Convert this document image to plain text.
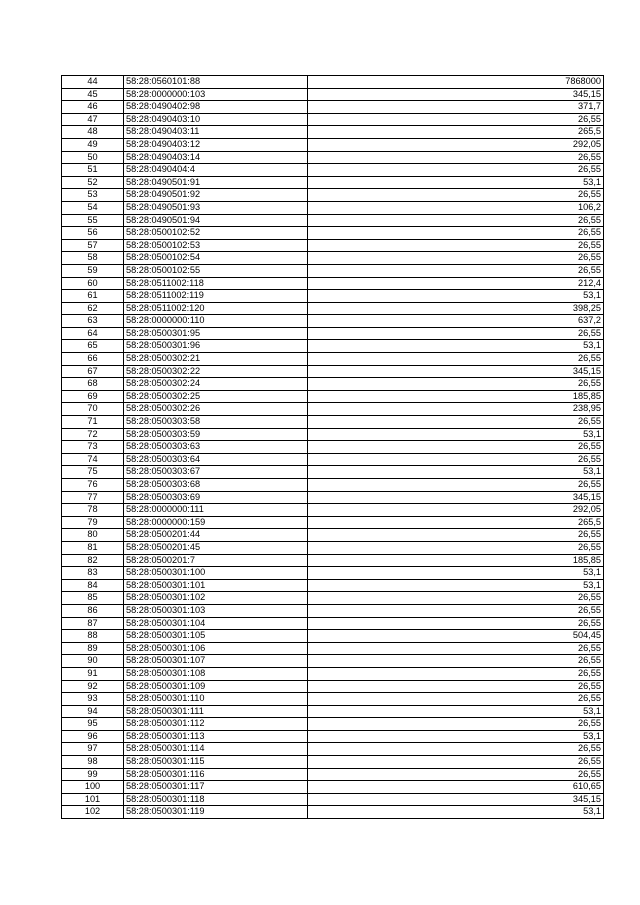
44	58:28:0560101:88	7868000
45	58:28:0000000:103	345,15
46	58:28:0490402:98	371,7
47	58:28:0490403:10	26,55
48	58:28:0490403:11	265,5
49	58:28:0490403:12	292,05
50	58:28:0490403:14	26,55
51	58:28:0490404:4	26,55
52	58:28:0490501:91	53,1
53	58:28:0490501:92	26,55
54	58:28:0490501:93	106,2
55	58:28:0490501:94	26,55
56	58:28:0500102:52	26,55
57	58:28:0500102:53	26,55
58	58:28:0500102:54	26,55
59	58:28:0500102:55	26,55
60	58:28:0511002:118	212,4
61	58:28:0511002:119	53,1
62	58:28:0511002:120	398,25
63	58:28:0000000:110	637,2
64	58:28:0500301:95	26,55
65	58:28:0500301:96	53,1
66	58:28:0500302:21	26,55
67	58:28:0500302:22	345,15
68	58:28:0500302:24	26,55
69	58:28:0500302:25	185,85
70	58:28:0500302:26	238,95
71	58:28:0500303:58	26,55
72	58:28:0500303:59	53,1
73	58:28:0500303:63	26,55
74	58:28:0500303:64	26,55
75	58:28:0500303:67	53,1
76	58:28:0500303:68	26,55
77	58:28:0500303:69	345,15
78	58:28:0000000:111	292,05
79	58:28:0000000:159	265,5
80	58:28:0500201:44	26,55
81	58:28:0500201:45	26,55
82	58:28:0500201:7	185,85
83	58:28:0500301:100	53,1
84	58:28:0500301:101	53,1
85	58:28:0500301:102	26,55
86	58:28:0500301:103	26,55
87	58:28:0500301:104	26,55
88	58:28:0500301:105	504,45
89	58:28:0500301:106	26,55
90	58:28:0500301:107	26,55
91	58:28:0500301:108	26,55
92	58:28:0500301:109	26,55
93	58:28:0500301:110	26,55
94	58:28:0500301:111	53,1
95	58:28:0500301:112	26,55
96	58:28:0500301:113	53,1
97	58:28:0500301:114	26,55
98	58:28:0500301:115	26,55
99	58:28:0500301:116	26,55
100	58:28:0500301:117	610,65
101	58:28:0500301:118	345,15
102	58:28:0500301:119	53,1
